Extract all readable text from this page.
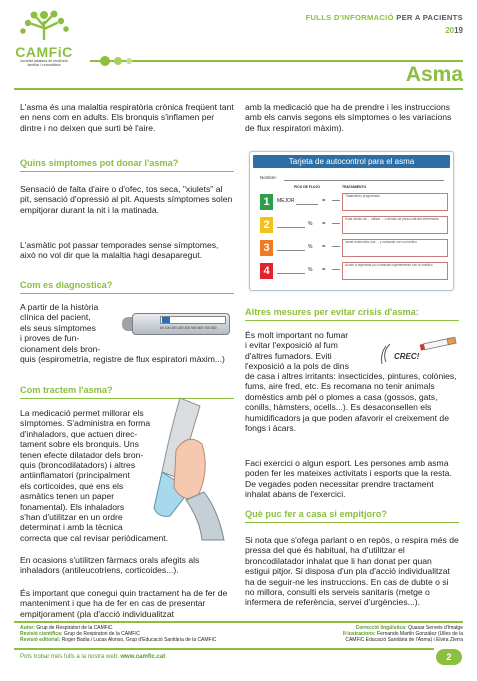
CAMFiC
societat catalana de medicina
familiar i comunitària
FULLS D'INFORMACIÓ PER A PACIENTS
2019
Asma
L'asma és una malaltia respiratòria crònica freqüent tant en nens com en adults. Els bronquis s'inflamen per dintre i no deixen que surti bé l'aire.
Quins símptomes pot donar l'asma?
Sensació de falta d'aire o d'ofec, tos seca, "xiulets" al pit, sensació d'opressió al pit. Aquests símptomes solen empitjorar durant la nit i la matinada.
L'asmàtic pot passar temporades sense símptomes, això no vol dir que la malaltia hagi desaparegut.
Com es diagnostica?
A partir de la història
clínica del pacient,
els seus símptomes
i proves de fun-
cionament dels bron-
quis (espirometria, registre de flux espiratori màxim...)
60 100 200 300 400 500 600 700 800
Com tractem l'asma?
La medicació permet millorar els
símptomes. S'administra en forma
d'inhaladors, que actuen direc-
tament sobre els bronquis. Uns
tenen efecte dilatador dels bron-
quis (broncodilatadors) i altres
antiinflamatori (principalment
els corticoides, que ens els
asmàtics tenen un paper
fonamental). Els inhaladors
s'han d'utilitzar en un ordre
determinat i amb la tècnica
correcta que cal revisar periòdicament.
En ocasions s'utilitzen fàrmacs orals afegits als inhaladors (antileucotriens, corticoides...).
És important que conegui quin tractament ha de fer de manteniment i que ha de fer en cas de presentar empitjorament (pla d'acció individualitzat
amb la medicació que ha de prendre i les instruccions amb els canvis segons els símptomes o les variacions de flux respiratori màxim).
Tarjeta de autocontrol para el asma
Nombre:
PICO DE FLUJO	TRATAMIENTO
1	MEJOR	=
Tratamiento programado
2	% =
Estar atento de ... utilizar ... o demás de para controlar enfermeras
3	% =
Iniciar esteroides oral ... y contactar con su médico
4	% =
Acudir a urgencias y/o contactar urgentemente con su médico
Altres mesures per evitar crisis d'asma:
És molt important no fumar
i evitar l'exposició al fum
d'altres fumadors. Eviti
l'exposició a la pols de dins
de casa i altres irritants: insecticides, pintures, colònies, fums, aire fred, etc. Es recomana no tenir animals domèstics amb pèl o plomes a casa (gossos, gats, conills, hàmsters, ocells...). Es desaconsellen els humidificadors ja que poden afavorir el creixement de fongs i àcars.
CREC!
Faci exercici o algun esport. Les persones amb asma poden fer les mateixes activitats i esports que la resta. De vegades poden necessitar prendre tractament inhalat abans de l'exercici.
Què puc fer a casa si empitjoro?
Si nota que s'ofega parlant o en repòs, o respira més de pressa del que és habitual, ha d'utilitzar el broncodilatador inhalat que li han donat per quan estigui pitjor. Si disposa d'un pla d'acció individualitzat ha de seguir-ne les instruccions. En cas de dubte o si no millora, consulti els serveis sanitaris (metge o infermera de referència, servei d'urgències...).
Autor: Grup de Respiratori de la CAMFiC
Revisió científica: Grup de Respiratori de la CAMFiC
Revisió editorial: Roger Badia i Lucas Alonso, Grup d'Educació Sanitària de la CAMFiC
Correcció lingüística: Quasar Serveis d'Imatge
Il·lustracions: Fernando Martín González (Ulles de la
CAMFiC Educació Sanitària de l'Asma) i Elvira Zierra
Pots trobar més fulls a la nostra web: www.camfic.cat	2
